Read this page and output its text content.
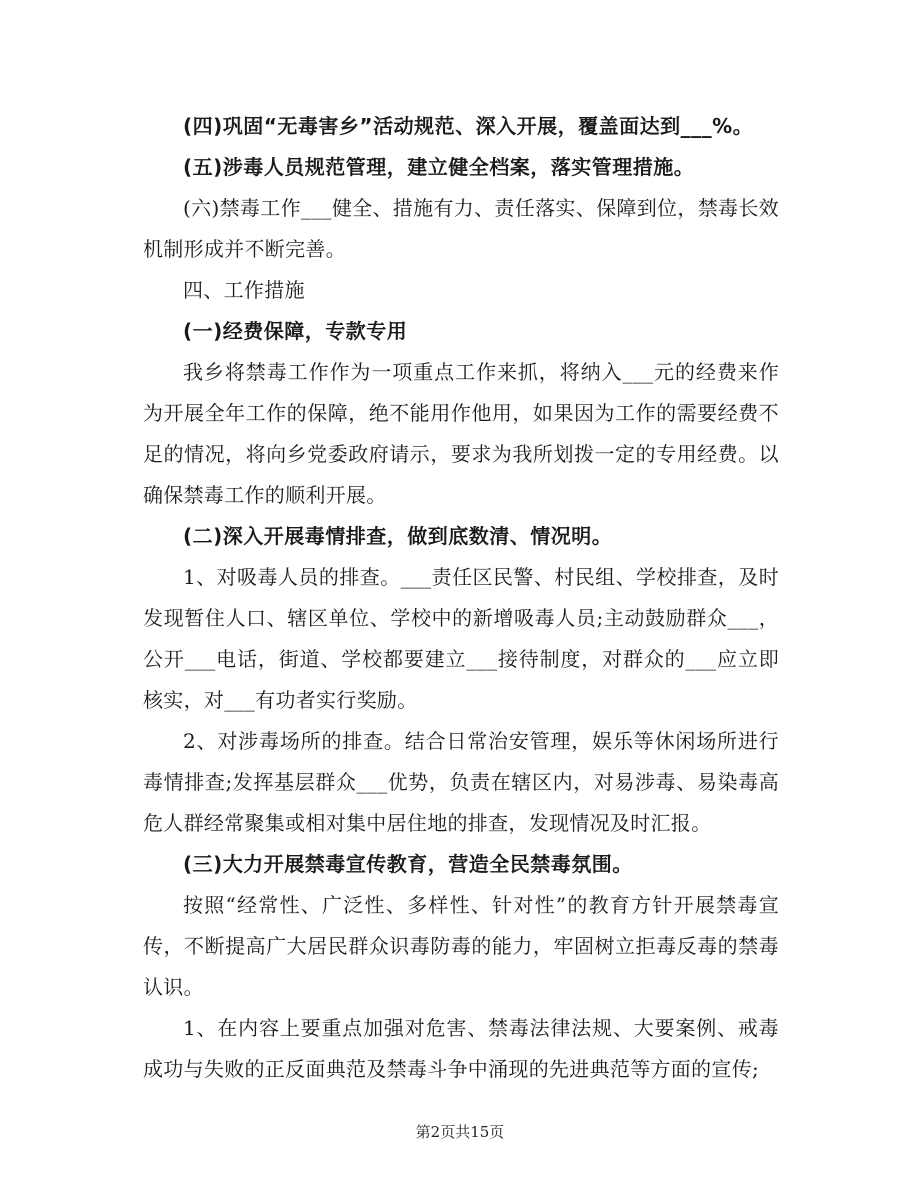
(四)巩固“无毒害乡”活动规范、深入开展，覆盖面达到___%。

(五)涉毒人员规范管理，建立健全档案，落实管理措施。

(六)禁毒工作___健全、措施有力、责任落实、保障到位，禁毒长效机制形成并不断完善。

四、工作措施

(一)经费保障，专款专用

我乡将禁毒工作作为一项重点工作来抓，将纳入___元的经费来作为开展全年工作的保障，绝不能用作他用，如果因为工作的需要经费不足的情况，将向乡党委政府请示，要求为我所划拨一定的专用经费。以确保禁毒工作的顺利开展。

(二)深入开展毒情排查，做到底数清、情况明。

1、对吸毒人员的排查。___责任区民警、村民组、学校排查，及时发现暂住人口、辖区单位、学校中的新增吸毒人员;主动鼓励群众___，公开___电话，街道、学校都要建立___接待制度，对群众的___应立即核实，对___有功者实行奖励。

2、对涉毒场所的排查。结合日常治安管理，娱乐等休闲场所进行毒情排查;发挥基层群众___优势，负责在辖区内，对易涉毒、易染毒高危人群经常聚集或相对集中居住地的排查，发现情况及时汇报。

(三)大力开展禁毒宣传教育，营造全民禁毒氛围。

按照“经常性、广泛性、多样性、针对性”的教育方针开展禁毒宣传，不断提高广大居民群众识毒防毒的能力，牢固树立拒毒反毒的禁毒认识。

1、在内容上要重点加强对危害、禁毒法律法规、大要案例、戒毒成功与失败的正反面典范及禁毒斗争中涌现的先进典范等方面的宣传;

第2页共15页
